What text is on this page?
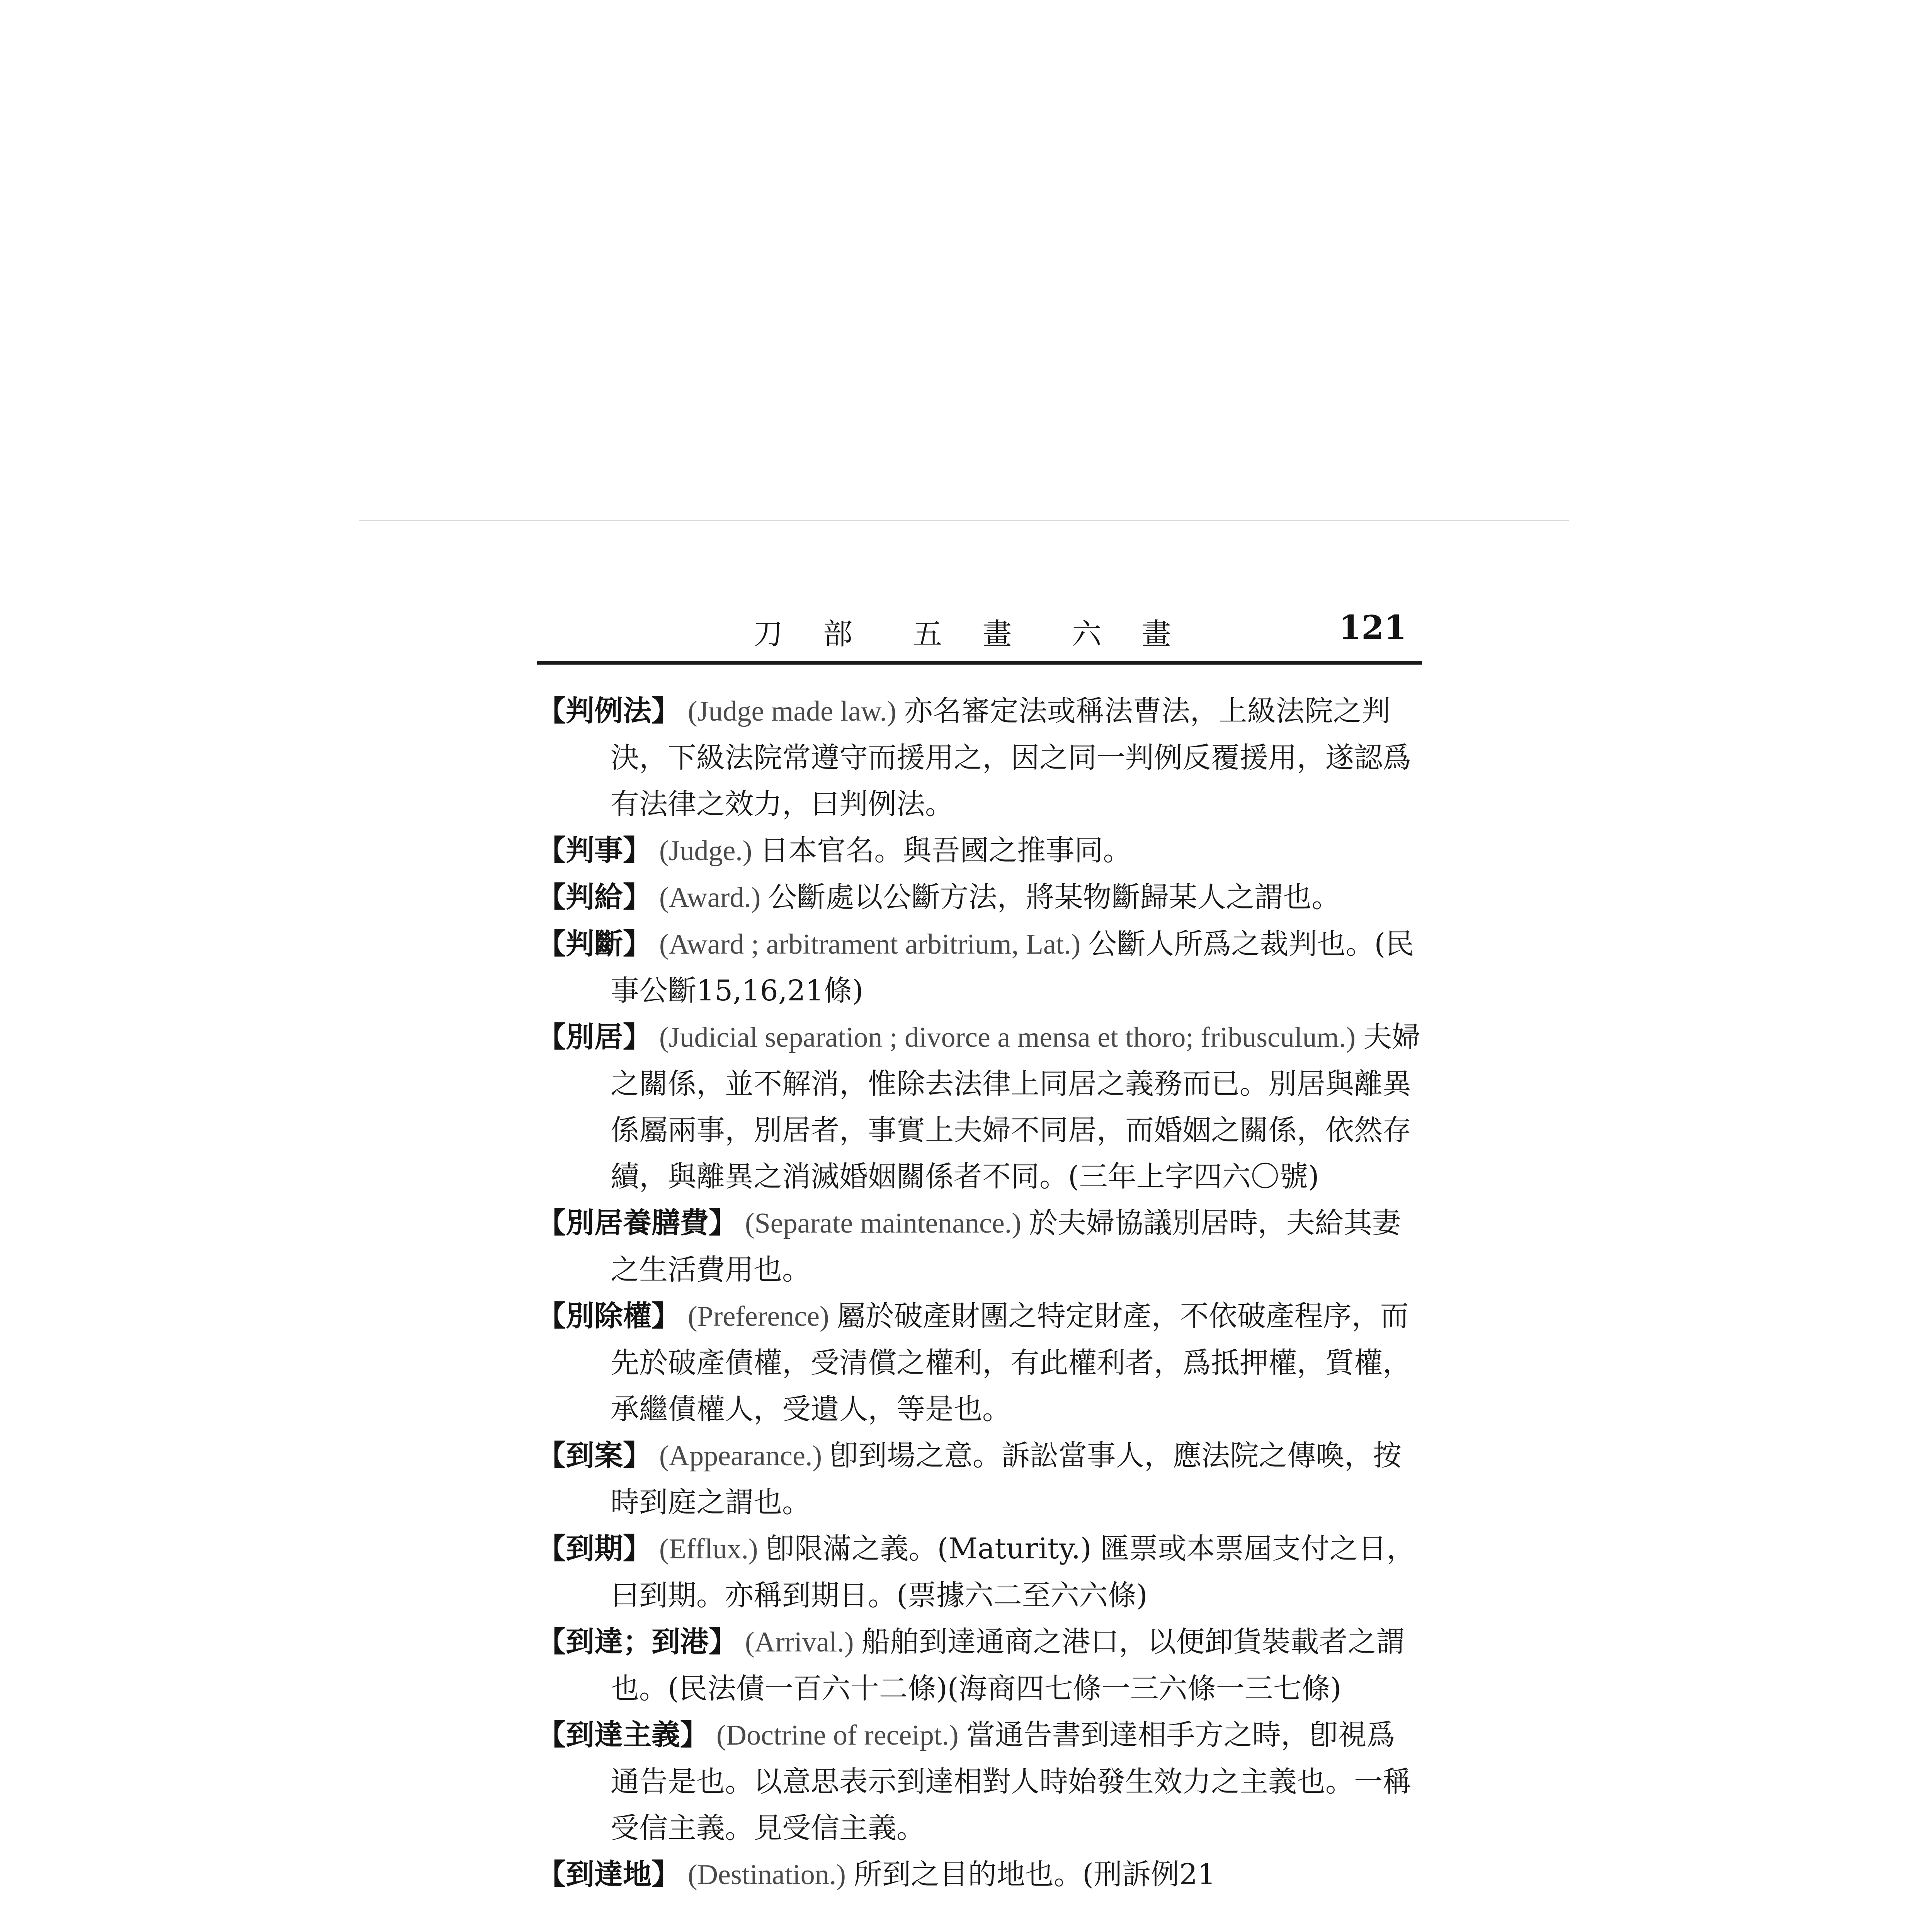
刀 部　五 畫　六 畫	121

【判例法】 (Judge made law.) 亦名審定法或稱法曹法，上級法院之判決，下級法院常遵守而援用之，因之同一判例反覆援用，遂認爲有法律之效力，曰判例法。

【判事】 (Judge.) 日本官名。與吾國之推事同。

【判給】 (Award.) 公斷處以公斷方法，將某物斷歸某人之謂也。

【判斷】 (Award ; arbitrament arbitrium, Lat.) 公斷人所爲之裁判也。(民事公斷15,16,21條)

【別居】 (Judicial separation ; divorce a mensa et thoro; fribusculum.) 夫婦之關係，並不解消，惟除去法律上同居之義務而已。別居與離異係屬兩事，別居者，事實上夫婦不同居，而婚姻之關係，依然存續，與離異之消滅婚姻關係者不同。(三年上字四六〇號)

【別居養膳費】 (Separate maintenance.) 於夫婦協議別居時，夫給其妻之生活費用也。

【別除權】 (Preference) 屬於破產財團之特定財產，不依破產程序，而先於破產債權，受清償之權利，有此權利者，爲抵押權，質權，承繼債權人，受遺人，等是也。

【到案】 (Appearance.) 卽到場之意。訴訟當事人，應法院之傳喚，按時到庭之謂也。

【到期】 (Efflux.) 卽限滿之義。(Maturity.) 匯票或本票屆支付之日，曰到期。亦稱到期日。(票據六二至六六條)

【到達；到港】 (Arrival.) 船舶到達通商之港口，以便卸貨裝載者之謂也。(民法債一百六十二條)(海商四七條一三六條一三七條)

【到達主義】 (Doctrine of receipt.) 當通告書到達相手方之時，卽視爲通告是也。以意思表示到達相對人時始發生效力之主義也。一稱受信主義。見受信主義。

【到達地】 (Destination.) 所到之目的地也。(刑訴例21
